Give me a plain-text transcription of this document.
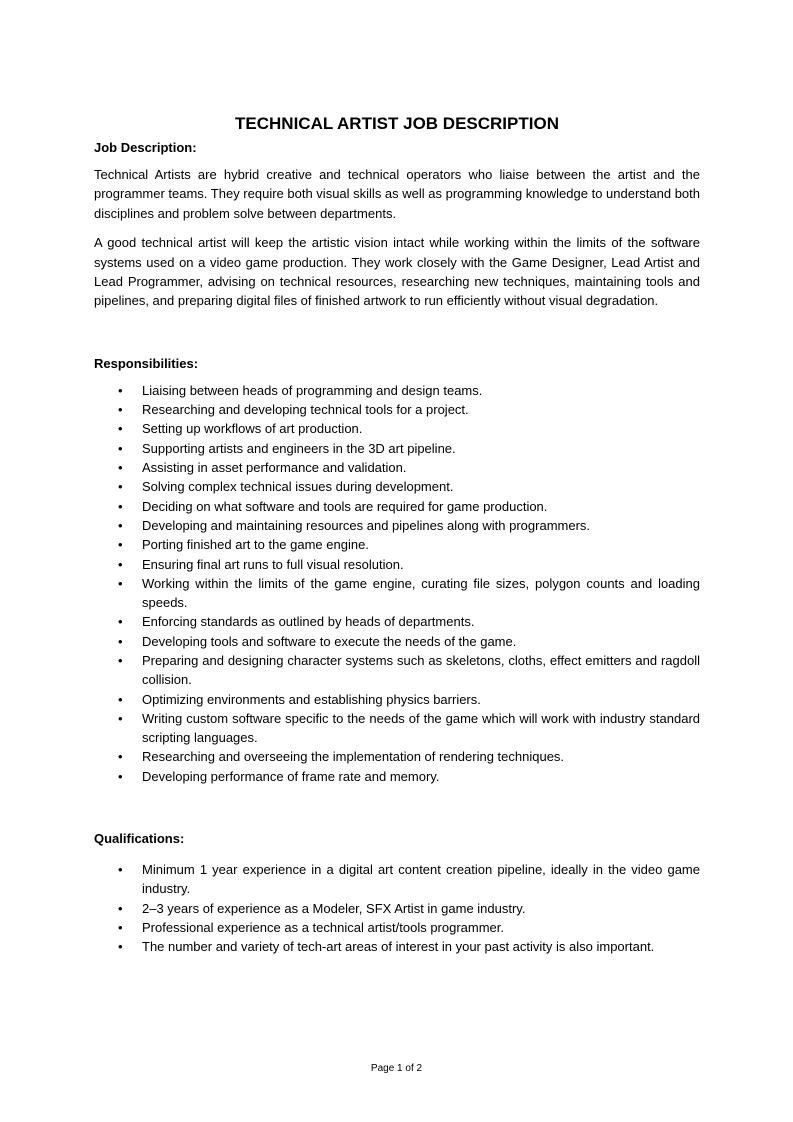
TECHNICAL ARTIST JOB DESCRIPTION

Job Description:

Technical Artists are hybrid creative and technical operators who liaise between the artist and the programmer teams. They require both visual skills as well as programming knowledge to understand both disciplines and problem solve between departments.

A good technical artist will keep the artistic vision intact while working within the limits of the software systems used on a video game production. They work closely with the Game Designer, Lead Artist and Lead Programmer, advising on technical resources, researching new techniques, maintaining tools and pipelines, and preparing digital files of finished artwork to run efficiently without visual degradation.

Responsibilities:

•	Liaising between heads of programming and design teams.
•	Researching and developing technical tools for a project.
•	Setting up workflows of art production.
•	Supporting artists and engineers in the 3D art pipeline.
•	Assisting in asset performance and validation.
•	Solving complex technical issues during development.
•	Deciding on what software and tools are required for game production.
•	Developing and maintaining resources and pipelines along with programmers.
•	Porting finished art to the game engine.
•	Ensuring final art runs to full visual resolution.
•	Working within the limits of the game engine, curating file sizes, polygon counts and loading speeds.
•	Enforcing standards as outlined by heads of departments.
•	Developing tools and software to execute the needs of the game.
•	Preparing and designing character systems such as skeletons, cloths, effect emitters and ragdoll collision.
•	Optimizing environments and establishing physics barriers.
•	Writing custom software specific to the needs of the game which will work with industry standard scripting languages.
•	Researching and overseeing the implementation of rendering techniques.
•	Developing performance of frame rate and memory.

Qualifications:

•	Minimum 1 year experience in a digital art content creation pipeline, ideally in the video game industry.
•	2–3 years of experience as a Modeler, SFX Artist in game industry.
•	Professional experience as a technical artist/tools programmer.
•	The number and variety of tech-art areas of interest in your past activity is also important.
Page 1 of 2
